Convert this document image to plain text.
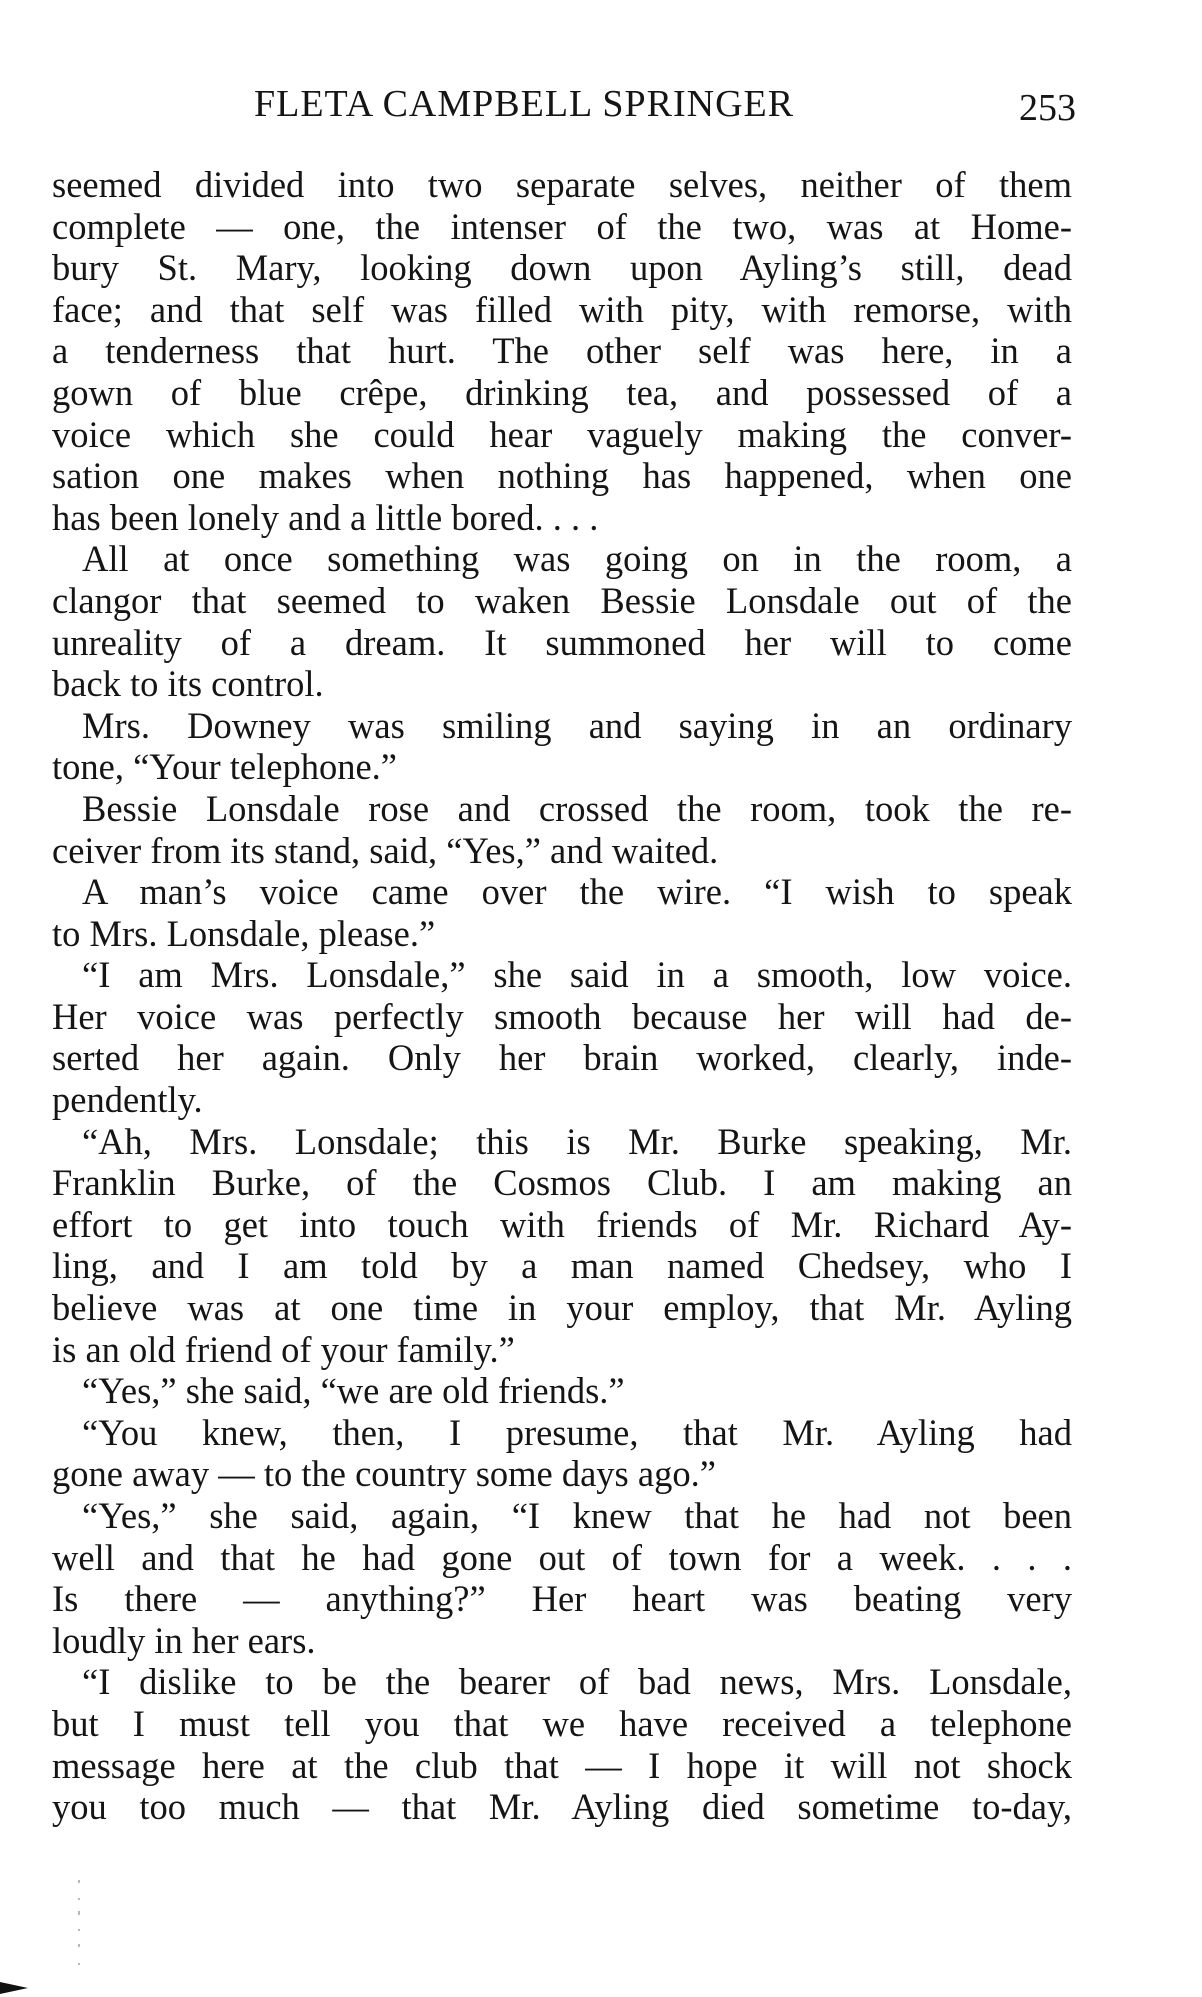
FLETA CAMPBELL SPRINGER	253
seemed divided into two separate selves, neither of them
complete — one, the intenser of the two, was at Home-
bury St. Mary, looking down upon Ayling’s still, dead
face; and that self was filled with pity, with remorse, with
a tenderness that hurt. The other self was here, in a
gown of blue crêpe, drinking tea, and possessed of a
voice which she could hear vaguely making the conver-
sation one makes when nothing has happened, when one
has been lonely and a little bored. . . .
All at once something was going on in the room, a
clangor that seemed to waken Bessie Lonsdale out of the
unreality of a dream. It summoned her will to come
back to its control.
Mrs. Downey was smiling and saying in an ordinary
tone, “Your telephone.”
Bessie Lonsdale rose and crossed the room, took the re-
ceiver from its stand, said, “Yes,” and waited.
A man’s voice came over the wire. “I wish to speak
to Mrs. Lonsdale, please.”
“I am Mrs. Lonsdale,” she said in a smooth, low voice.
Her voice was perfectly smooth because her will had de-
serted her again. Only her brain worked, clearly, inde-
pendently.
“Ah, Mrs. Lonsdale; this is Mr. Burke speaking, Mr.
Franklin Burke, of the Cosmos Club. I am making an
effort to get into touch with friends of Mr. Richard Ay-
ling, and I am told by a man named Chedsey, who I
believe was at one time in your employ, that Mr. Ayling
is an old friend of your family.”
“Yes,” she said, “we are old friends.”
“You knew, then, I presume, that Mr. Ayling had
gone away — to the country some days ago.”
“Yes,” she said, again, “I knew that he had not been
well and that he had gone out of town for a week. . . .
Is there — anything?” Her heart was beating very
loudly in her ears.
“I dislike to be the bearer of bad news, Mrs. Lonsdale,
but I must tell you that we have received a telephone
message here at the club that — I hope it will not shock
you too much — that Mr. Ayling died sometime to-day,
